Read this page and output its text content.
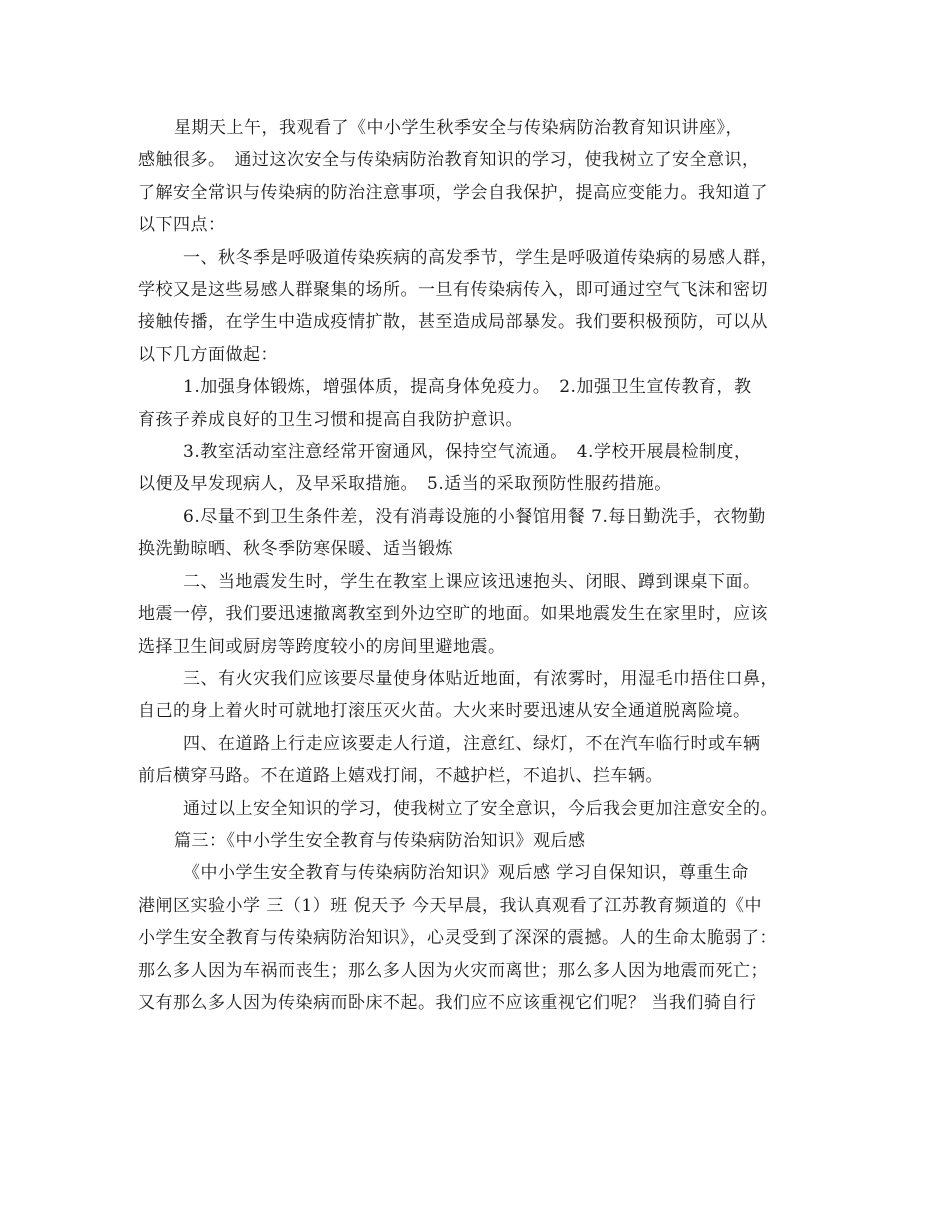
星期天上午，我观看了《中小学生秋季安全与传染病防治教育知识讲座》，
感触很多。　通过这次安全与传染病防治教育知识的学习，使我树立了安全意识，
了解安全常识与传染病的防治注意事项，学会自我保护，提高应变能力。我知道了
以下四点：
一、秋冬季是呼吸道传染疾病的高发季节，学生是呼吸道传染病的易感人群，
学校又是这些易感人群聚集的场所。一旦有传染病传入，即可通过空气飞沫和密切
接触传播，在学生中造成疫情扩散，甚至造成局部暴发。我们要积极预防，可以从
以下几方面做起：
1.加强身体锻炼，增强体质，提高身体免疫力。　2.加强卫生宣传教育，教
育孩子养成良好的卫生习惯和提高自我防护意识。
3.教室活动室注意经常开窗通风，保持空气流通。　4.学校开展晨检制度，
以便及早发现病人，及早采取措施。　5.适当的采取预防性服药措施。
6.尽量不到卫生条件差，没有消毒设施的小餐馆用餐 7.每日勤洗手，衣物勤
换洗勤晾晒、秋冬季防寒保暖、适当锻炼
二、当地震发生时，学生在教室上课应该迅速抱头、闭眼、蹲到课桌下面。
地震一停，我们要迅速撤离教室到外边空旷的地面。如果地震发生在家里时，应该
选择卫生间或厨房等跨度较小的房间里避地震。
三、有火灾我们应该要尽量使身体贴近地面，有浓雾时，用湿毛巾捂住口鼻，
自己的身上着火时可就地打滚压灭火苗。大火来时要迅速从安全通道脱离险境。
四、在道路上行走应该要走人行道，注意红、绿灯，不在汽车临行时或车辆
前后横穿马路。不在道路上嬉戏打闹，不越护栏，不追扒、拦车辆。
通过以上安全知识的学习，使我树立了安全意识，今后我会更加注意安全的。
篇三：《中小学生安全教育与传染病防治知识》观后感
《中小学生安全教育与传染病防治知识》观后感 学习自保知识，尊重生命
港闸区实验小学 三（1）班 倪天予 今天早晨，我认真观看了江苏教育频道的《中
小学生安全教育与传染病防治知识》，心灵受到了深深的震撼。人的生命太脆弱了：
那么多人因为车祸而丧生；那么多人因为火灾而离世；那么多人因为地震而死亡；
又有那么多人因为传染病而卧床不起。我们应不应该重视它们呢？ 当我们骑自行
